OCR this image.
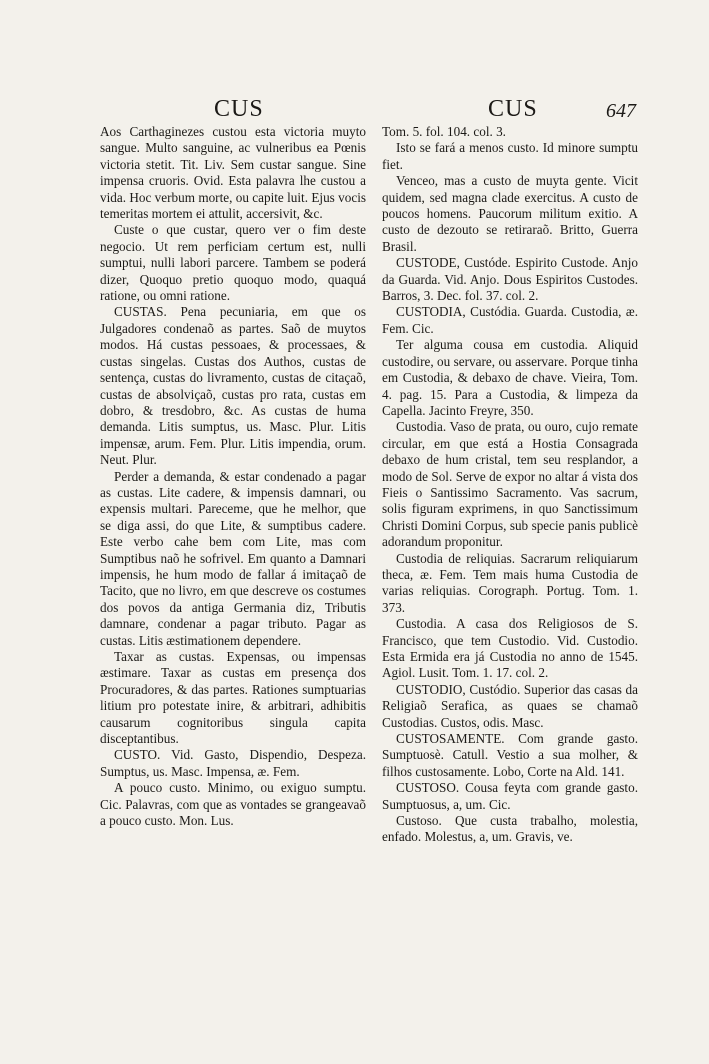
CUS	CUS	647

Aos Carthaginezes custou esta victoria muyto sangue. Multo sanguine, ac vulneribus ea Pœnis victoria stetit. Tit. Liv. Sem custar sangue. Sine impensa cruoris. Ovid. Esta palavra lhe custou a vida. Hoc verbum morte, ou capite luit. Ejus vocis temeritas mortem ei attulit, accersivit, &c.

Custe o que custar, quero ver o fim deste negocio. Ut rem perficiam certum est, nulli sumptui, nulli labori parcere. Tambem se poderá dizer, Quoquo pretio quoquo modo, quaquá ratione, ou omni ratione.

CUSTAS. Pena pecuniaria, em que os Julgadores condenaõ as partes. Saõ de muytos modos. Há custas pessoaes, & processaes, & custas singelas. Custas dos Authos, custas de sentença, custas do livramento, custas de citaçaõ, custas de absolviçaõ, custas pro rata, custas em dobro, & tresdobro, &c. As custas de huma demanda. Litis sumptus, us. Masc. Plur. Litis impensæ, arum. Fem. Plur. Litis impendia, orum. Neut. Plur.

Perder a demanda, & estar condenado a pagar as custas. Lite cadere, & impensis damnari, ou expensis multari. Pareceme, que he melhor, que se diga assi, do que Lite, & sumptibus cadere. Este verbo cahe bem com Lite, mas com Sumptibus naõ he sofrivel. Em quanto a Damnari impensis, he hum modo de fallar á imitaçaõ de Tacito, que no livro, em que descreve os costumes dos povos da antiga Germania diz, Tributis damnare, condenar a pagar tributo. Pagar as custas. Litis æstimationem dependere.

Taxar as custas. Expensas, ou impensas æstimare. Taxar as custas em presença dos Procuradores, & das partes. Rationes sumptuarias litium pro potestate inire, & arbitrari, adhibitis causarum cognitoribus singula capita disceptantibus.

CUSTO. Vid. Gasto, Dispendio, Despeza. Sumptus, us. Masc. Impensa, æ. Fem.

A pouco custo. Minimo, ou exiguo sumptu. Cic. Palavras, com que as vontades se grangeavaõ a pouco custo. Mon. Lus.

Tom. 5. fol. 104. col. 3.

Isto se fará a menos custo. Id minore sumptu fiet.

Venceo, mas a custo de muyta gente. Vicit quidem, sed magna clade exercitus. A custo de poucos homens. Paucorum militum exitio. A custo de dezouto se retiraraõ. Britto, Guerra Brasil.

CUSTODE, Custóde. Espirito Custode. Anjo da Guarda. Vid. Anjo. Dous Espiritos Custodes. Barros, 3. Dec. fol. 37. col. 2.

CUSTODIA, Custódia. Guarda. Custodia, æ. Fem. Cic.

Ter alguma cousa em custodia. Aliquid custodire, ou servare, ou asservare. Porque tinha em Custodia, & debaxo de chave. Vieira, Tom. 4. pag. 15. Para a Custodia, & limpeza da Capella. Jacinto Freyre, 350.

Custodia. Vaso de prata, ou ouro, cujo remate circular, em que está a Hostia Consagrada debaxo de hum cristal, tem seu resplandor, a modo de Sol. Serve de expor no altar á vista dos Fieis o Santissimo Sacramento. Vas sacrum, solis figuram exprimens, in quo Sanctissimum Christi Domini Corpus, sub specie panis publicè adorandum proponitur.

Custodia de reliquias. Sacrarum reliquiarum theca, æ. Fem. Tem mais huma Custodia de varias reliquias. Corograph. Portug. Tom. 1. 373.

Custodia. A casa dos Religiosos de S. Francisco, que tem Custodio. Vid. Custodio. Esta Ermida era já Custodia no anno de 1545. Agiol. Lusit. Tom. 1. 17. col. 2.

CUSTODIO, Custódio. Superior das casas da Religiaõ Serafica, as quaes se chamaõ Custodias. Custos, odis. Masc.

CUSTOSAMENTE. Com grande gasto. Sumptuosè. Catull. Vestio a sua molher, & filhos custosamente. Lobo, Corte na Ald. 141.

CUSTOSO. Cousa feyta com grande gasto. Sumptuosus, a, um. Cic.

Custoso. Que custa trabalho, molestia, enfado. Molestus, a, um. Gravis, ve.
